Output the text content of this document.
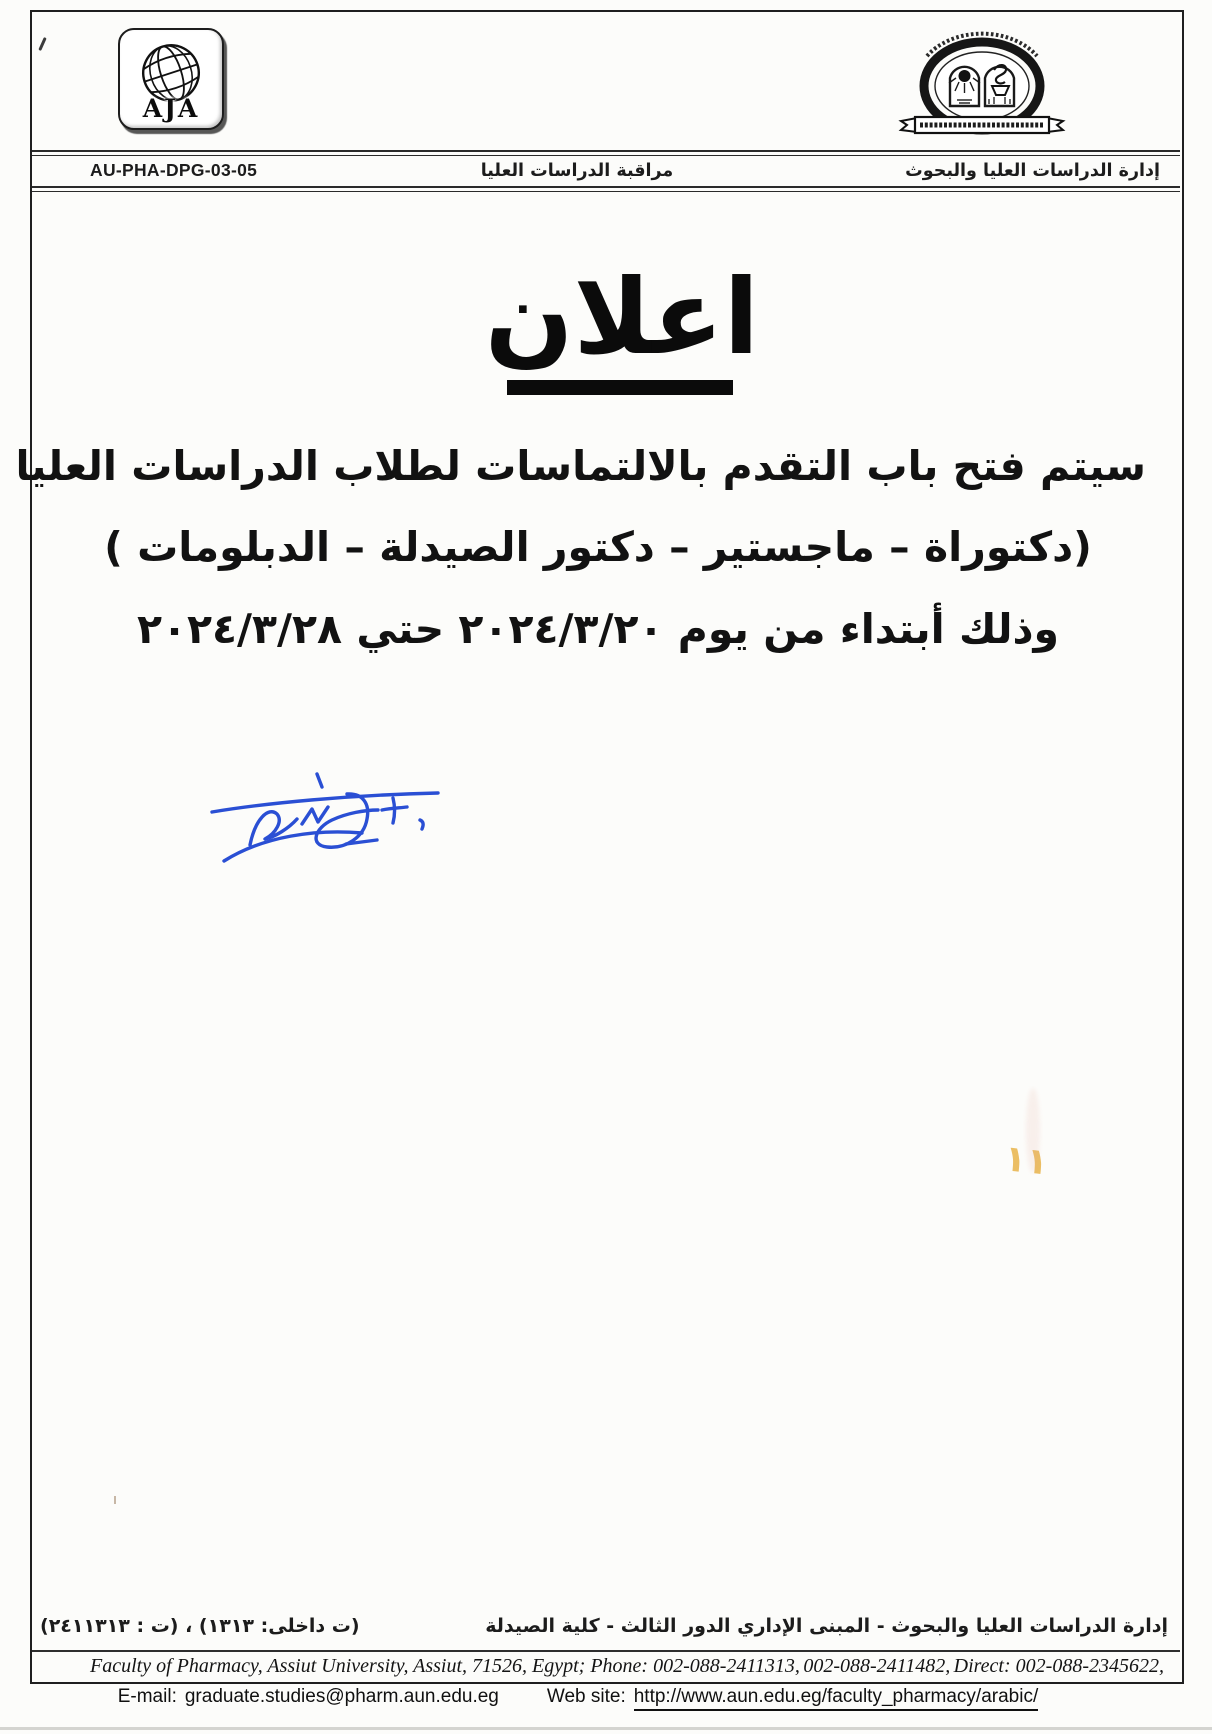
AJA
AU-PHA-DPG-03-05	مراقبة الدراسات العليا	إدارة الدراسات العليا والبحوث
اعلان
سيتم فتح باب التقدم بالالتماسات لطلاب الدراسات العليا
(دكتوراة – ماجستير – دكتور الصيدلة – الدبلومات )
وذلك أبتداء من يوم ٢٠٢٤/٣/٢٠ حتي ٢٠٢٤/٣/٢٨
١١
إدارة الدراسات العليا والبحوث - المبنى الإداري الدور الثالث - كلية الصيدلة
(ت داخلى: ١٣١٣) ، (ت : ٢٤١١٣١٣)
Faculty of Pharmacy, Assiut University, Assiut, 71526, Egypt; Phone: 002-088-2411313, 002-088-2411482, Direct: 002-088-2345622,
E-mail: graduate.studies@pharm.aun.edu.eg	Web site: http://www.aun.edu.eg/faculty_pharmacy/arabic/
